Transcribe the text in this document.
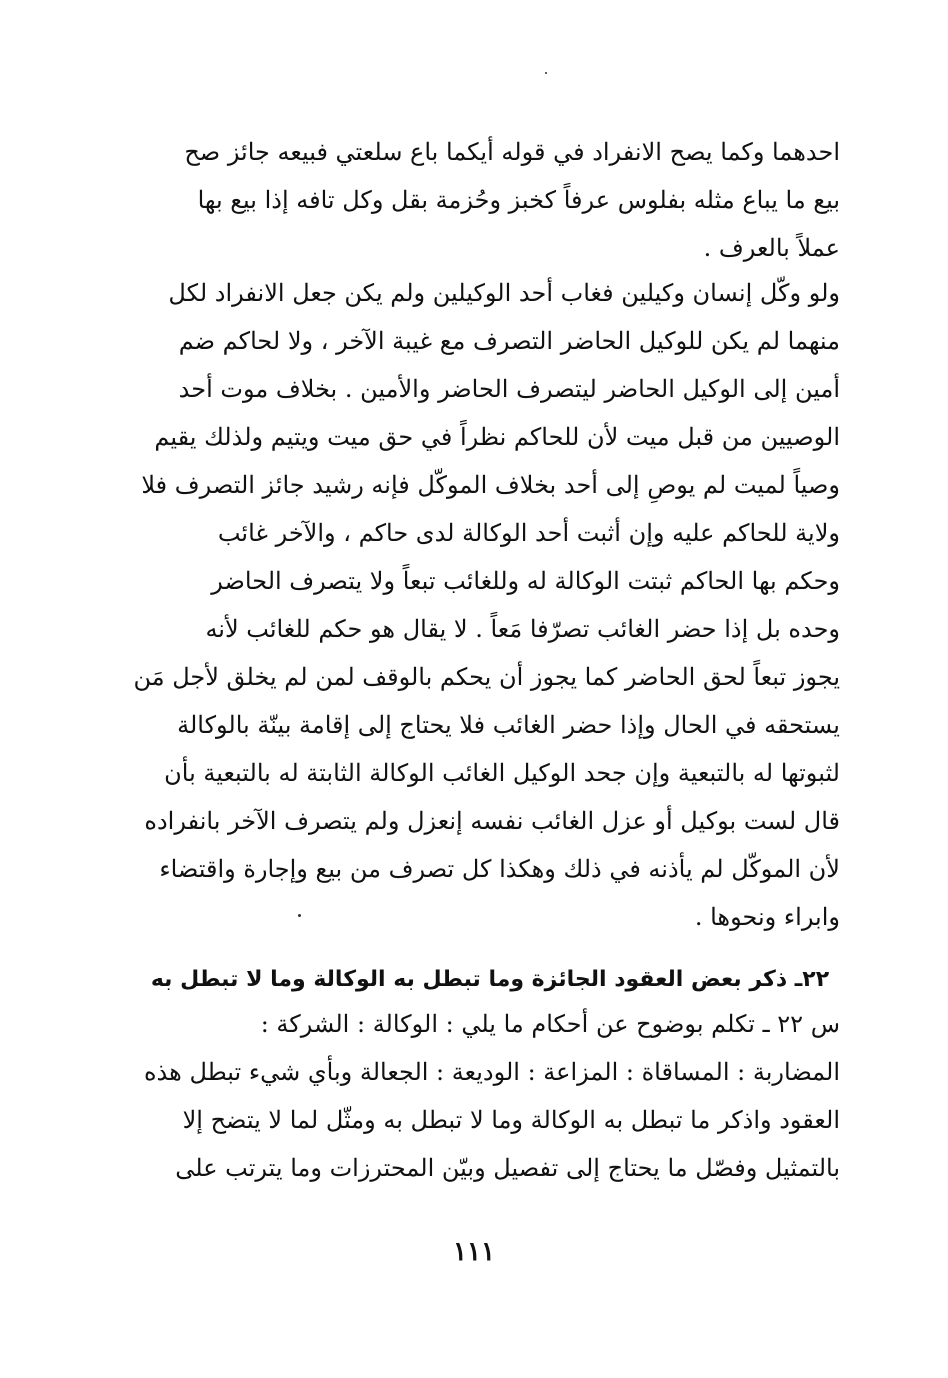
احدهما وكما يصح الانفراد في قوله أيكما باع سلعتي فبيعه جائز صح
بيع ما يباع مثله بفلوس عرفاً كخبز وحُزمة بقل وكل تافه إذا بيع بها
عملاً بالعرف .
ولو وكّل إنسان وكيلين فغاب أحد الوكيلين ولم يكن جعل الانفراد لكل
منهما لم يكن للوكيل الحاضر التصرف مع غيبة الآخر ، ولا لحاكم ضم
أمين إلى الوكيل الحاضر ليتصرف الحاضر والأمين . بخلاف موت أحد
الوصيين من قبل ميت لأن للحاكم نظراً في حق ميت ويتيم ولذلك يقيم
وصياً لميت لم يوصِ إلى أحد بخلاف الموكّل فإنه رشيد جائز التصرف فلا
ولاية للحاكم عليه وإن أثبت أحد الوكالة لدى حاكم ، والآخر غائب
وحكم بها الحاكم ثبتت الوكالة له وللغائب تبعاً ولا يتصرف الحاضر
وحده بل إذا حضر الغائب تصرّفا مَعاً . لا يقال هو حكم للغائب لأنه
يجوز تبعاً لحق الحاضر كما يجوز أن يحكم بالوقف لمن لم يخلق لأجل مَن
يستحقه في الحال وإذا حضر الغائب فلا يحتاج إلى إقامة بينّة بالوكالة
لثبوتها له بالتبعية وإن جحد الوكيل الغائب الوكالة الثابتة له بالتبعية بأن
قال لست بوكيل أو عزل الغائب نفسه إنعزل ولم يتصرف الآخر بانفراده
لأن الموكّل لم يأذنه في ذلك وهكذا كل تصرف من بيع وإجارة واقتضاء
وابراء ونحوها .
٢٢ـ ذكر بعض العقود الجائزة وما تبطل به الوكالة وما لا تبطل به
س ٢٢ ـ تكلم بوضوح عن أحكام ما يلي : الوكالة : الشركة :
المضاربة : المساقاة : المزاعة : الوديعة : الجعالة وبأي شيء تبطل هذه
العقود واذكر ما تبطل به الوكالة وما لا تبطل به ومثّل لما لا يتضح إلا
بالتمثيل وفصّل ما يحتاج إلى تفصيل وبيّن المحترزات وما يترتب على
١١١
